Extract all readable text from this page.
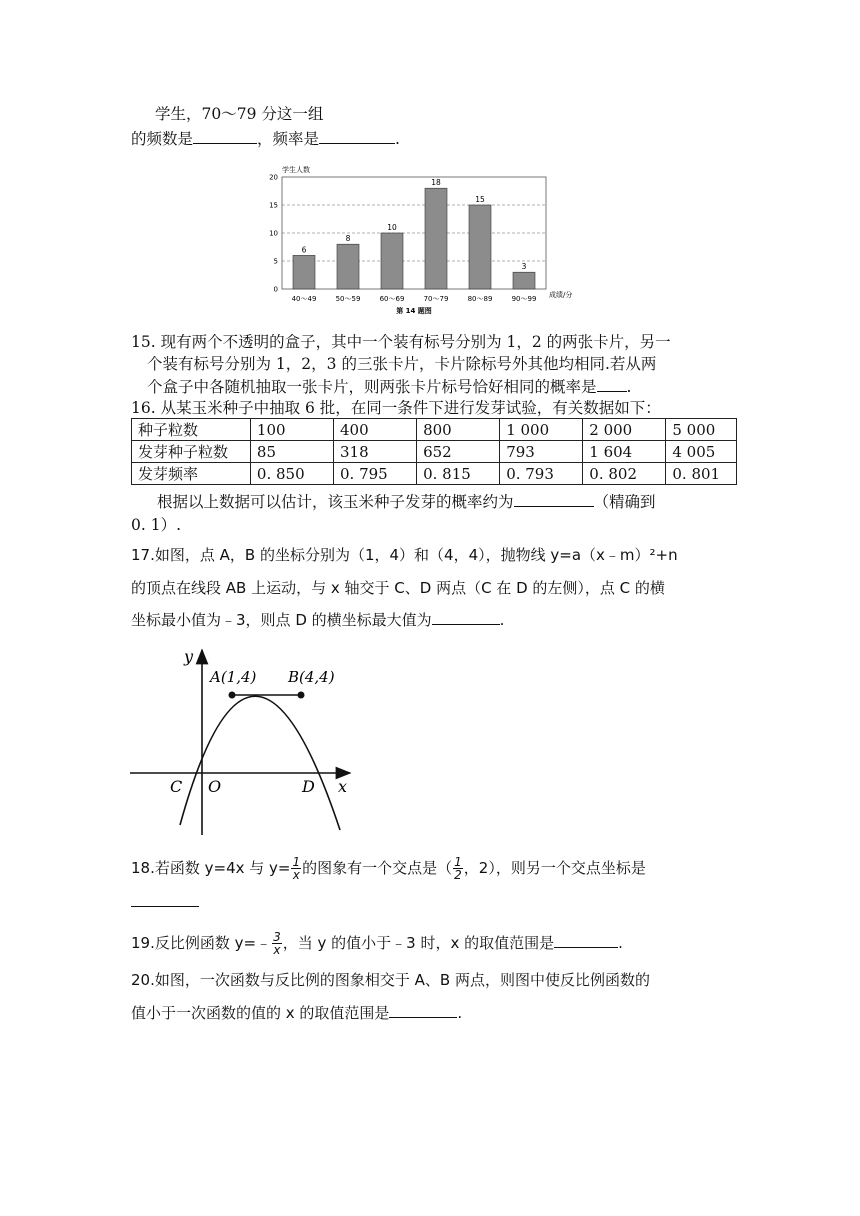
学生，70～79 分这一组
的频数是	，频率是	.
0
5
10
15
20
6
40～49
8
50～59
10
60～69
18
70～79
15
80～89
3
90～99
学生人数
成绩/分
第 14 题图
15. 现有两个不透明的盒子，其中一个装有标号分别为 1，2 的两张卡片，另一
个装有标号分别为 1，2，3 的三张卡片，卡片除标号外其他均相同.若从两
个盒子中各随机抽取一张卡片，则两张卡片标号恰好相同的概率是 .
16. 从某玉米种子中抽取 6 批，在同一条件下进行发芽试验，有关数据如下：
种子粒数	100	400	800	1 000	2 000	5 000
发芽种子粒数	85	318	652	793	1 604	4 005
发芽频率	0. 850	0. 795	0. 815	0. 793	0. 802	0. 801
根据以上数据可以估计，该玉米种子发芽的概率约为	（精确到
0. 1）.
17.如图，点 A，B 的坐标分别为（1，4）和（4，4），抛物线 y=a（x﹣m）²+n
的顶点在线段 AB 上运动，与 x 轴交于 C、D 两点（C 在 D 的左侧），点 C 的横
坐标最小值为﹣3，则点 D 的横坐标最大值为	.
y
x
A(1,4) B(4,4)
C O	D
18.若函数 y=4x 与 $y= \frac{1}{x}$ 的图象有一个交点是（ $\frac{1}{2}$ ，2），则另一个交点坐标是
19.反比例函数 y=﹣ $\frac{3}{x}$ ，当 y 的值小于﹣3 时，x 的取值范围是	.
20.如图，一次函数与反比例的图象相交于 A、B 两点，则图中使反比例函数的
值小于一次函数的值的 x 的取值范围是	.
